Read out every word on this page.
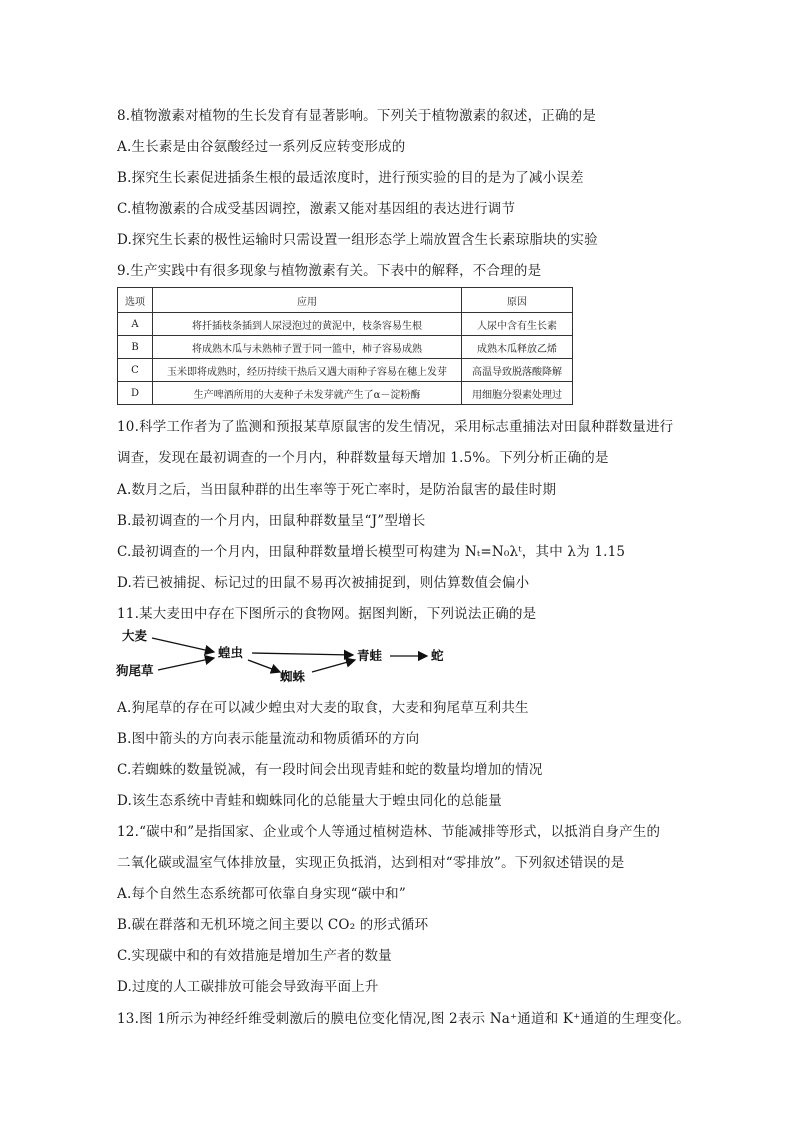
8.植物激素对植物的生长发育有显著影响。下列关于植物激素的叙述，正确的是
A.生长素是由谷氨酸经过一系列反应转变形成的
B.探究生长素促进插条生根的最适浓度时，进行预实验的目的是为了减小误差
C.植物激素的合成受基因调控，激素又能对基因组的表达进行调节
D.探究生长素的极性运输时只需设置一组形态学上端放置含生长素琼脂块的实验
9.生产实践中有很多现象与植物激素有关。下表中的解释，不合理的是
选项	应用	原因
A	将扦插枝条插到人尿浸泡过的黄泥中，枝条容易生根	人尿中含有生长素
B	将成熟木瓜与未熟柿子置于同一篮中，柿子容易成熟	成熟木瓜释放乙烯
C	玉米即将成熟时，经历持续干热后又遇大雨种子容易在穗上发芽	高温导致脱落酸降解
D	生产啤酒所用的大麦种子未发芽就产生了α－淀粉酶	用细胞分裂素处理过
10.科学工作者为了监测和预报某草原鼠害的发生情况，采用标志重捕法对田鼠种群数量进行
调查，发现在最初调查的一个月内，种群数量每天增加 1.5%。下列分析正确的是
A.数月之后，当田鼠种群的出生率等于死亡率时，是防治鼠害的最佳时期
B.最初调查的一个月内，田鼠种群数量呈“J”型增长
C.最初调查的一个月内，田鼠种群数量增长模型可构建为 Nₜ=N₀λᵗ，其中 λ为 1.15
D.若已被捕捉、标记过的田鼠不易再次被捕捉到，则估算数值会偏小
11.某大麦田中存在下图所示的食物网。据图判断，下列说法正确的是
大麦
狗尾草
蝗虫
蜘蛛
青蛙	蛇
A.狗尾草的存在可以减少蝗虫对大麦的取食，大麦和狗尾草互利共生
B.图中箭头的方向表示能量流动和物质循环的方向
C.若蜘蛛的数量锐减，有一段时间会出现青蛙和蛇的数量均增加的情况
D.该生态系统中青蛙和蜘蛛同化的总能量大于蝗虫同化的总能量
12.“碳中和”是指国家、企业或个人等通过植树造林、节能减排等形式，以抵消自身产生的
二氧化碳或温室气体排放量，实现正负抵消，达到相对“零排放”。下列叙述错误的是
A.每个自然生态系统都可依靠自身实现“碳中和”
B.碳在群落和无机环境之间主要以 CO₂ 的形式循环
C.实现碳中和的有效措施是增加生产者的数量
D.过度的人工碳排放可能会导致海平面上升
13.图 1所示为神经纤维受刺激后的膜电位变化情况,图 2表示 Na⁺通道和 K⁺通道的生理变化。
